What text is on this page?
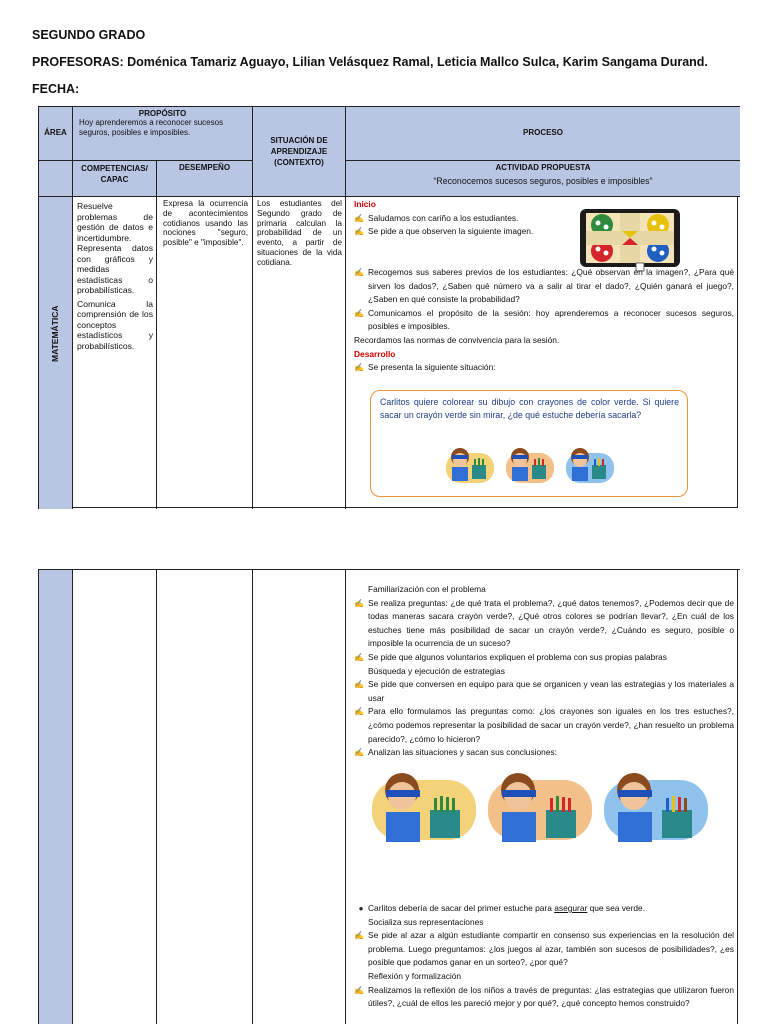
SEGUNDO GRADO
PROFESORAS: Doménica Tamariz Aguayo, Lilian Velásquez Ramal, Leticia Mallco Sulca, Karim Sangama Durand.
FECHA:
ÁREA
PROPÓSITO
Hoy aprenderemos a reconocer sucesos seguros, posibles e imposibles.
SITUACIÓN DE APRENDIZAJE (CONTEXTO)
PROCESO
COMPETENCIAS/ CAPAC
DESEMPEÑO	ACTIVIDAD PROPUESTA
“Reconocemos sucesos seguros, posibles e imposibles”
MATEMÁTICA
Resuelve problemas de gestión de datos e incertidumbre.
Representa datos con gráficos y medidas estadísticas o probabilísticas.
Comunica la comprensión de los conceptos estadísticos y probabilísticos.
Expresa la ocurrencia de acontecimientos cotidianos usando las nociones "seguro, posible" e "imposible".
Los estudiantes del Segundo grado de primaria calculan la probabilidad de un evento, a partir de situaciones de la vida cotidiana.
Inicio
✍ Saludamos con cariño a los estudiantes.
✍ Se pide a que observen la siguiente imagen.
✍ Recogemos sus saberes previos de los estudiantes: ¿Qué observan en la imagen?, ¿Para qué sirven los dados?, ¿Saben qué número va a salir al tirar el dado?, ¿Quién ganará el juego?, ¿Saben en qué consiste la probabilidad?
✍ Comunicamos el propósito de la sesión: hoy aprenderemos a reconocer sucesos seguros, posibles e imposibles.
Recordamos las normas de convivencia para la sesión.
Desarrollo
✍ Se presenta la siguiente situación:
Carlitos quiere colorear su dibujo con crayones de color verde. Si quiere sacar un crayón verde sin mirar, ¿de qué estuche debería sacarla?
Familiarización con el problema
✍ Se realiza preguntas: ¿de qué trata el problema?, ¿qué datos tenemos?, ¿Podemos decir que de todas maneras sacara crayón verde?, ¿Qué otros colores se podrían llevar?, ¿En cuál de los estuches tiene más posibilidad de sacar un crayón verde?, ¿Cuándo es seguro, posible o imposible la ocurrencia de un suceso?
✍ Se pide que algunos voluntarios expliquen el problema con sus propias palabras
Búsqueda y ejecución de estrategias
✍ Se pide que conversen en equipo para que se organicen y vean las estrategias y los materiales a usar
✍ Para ello formulamos las preguntas como: ¿los crayones son iguales en los tres estuches?, ¿cómo podemos representar la posibilidad de sacar un crayón verde?, ¿han resuelto un problema parecido?, ¿cómo lo hicieron?
✍ Analizan las situaciones y sacan sus conclusiones:
● Carlitos debería de sacar del primer estuche para asegurar que sea verde.
Socializa sus representaciones
✍ Se pide al azar a algún estudiante compartir en consenso sus experiencias en la resolución del problema. Luego preguntamos: ¿los juegos al azar, también son sucesos de posibilidades?, ¿es posible que podamos ganar en un sorteo?, ¿por qué?
Reflexión y formalización
✍ Realizamos la reflexión de los niños a través de preguntas: ¿las estrategias que utilizaron fueron útiles?, ¿cuál de ellos les pareció mejor y por qué?, ¿qué concepto hemos construido?
